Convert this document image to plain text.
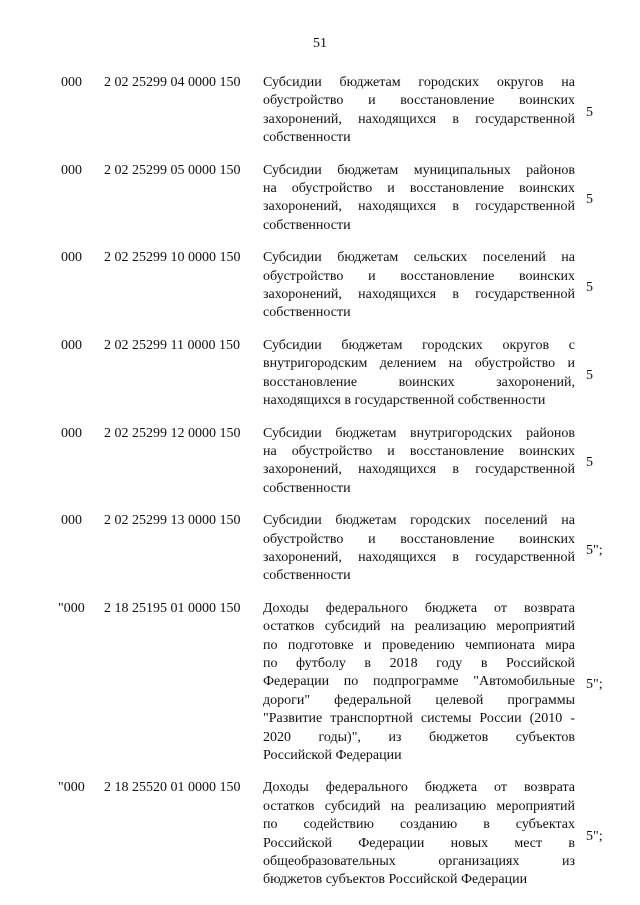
51
000 2 02 25299 04 0000 150 Субсидии бюджетам городских округов на
обустройство и восстановление воинских
захоронений, находящихся в государственной
собственности
5
000 2 02 25299 05 0000 150 Субсидии бюджетам муниципальных районов
на обустройство и восстановление воинских
захоронений, находящихся в государственной
собственности
5
000 2 02 25299 10 0000 150 Субсидии бюджетам сельских поселений на
обустройство и восстановление воинских
захоронений, находящихся в государственной
собственности
5
000 2 02 25299 11 0000 150 Субсидии бюджетам городских округов с
внутригородским делением на обустройство и
восстановление воинских захоронений,
находящихся в государственной собственности
5
000 2 02 25299 12 0000 150 Субсидии бюджетам внутригородских районов
на обустройство и восстановление воинских
захоронений, находящихся в государственной
собственности
5
000 2 02 25299 13 0000 150 Субсидии бюджетам городских поселений на
обустройство и восстановление воинских
захоронений, находящихся в государственной
собственности
5";
"000 2 18 25195 01 0000 150 Доходы федерального бюджета от возврата
остатков субсидий на реализацию мероприятий
по подготовке и проведению чемпионата мира
по футболу в 2018 году в Российской
Федерации по подпрограмме "Автомобильные
дороги" федеральной целевой программы
"Развитие транспортной системы России (2010 -
2020 годы)", из бюджетов субъектов
Российской Федерации
5";
"000 2 18 25520 01 0000 150 Доходы федерального бюджета от возврата
остатков субсидий на реализацию мероприятий
по содействию созданию в субъектах
Российской Федерации новых мест в
общеобразовательных организациях из
бюджетов субъектов Российской Федерации
5";
